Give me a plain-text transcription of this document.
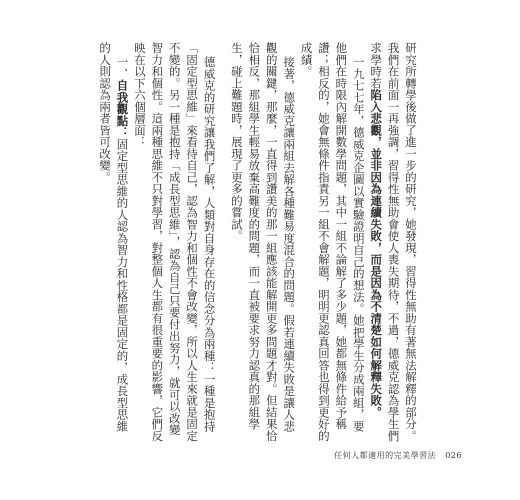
研究所轉學後做了進一步的研究，她發現，習得性無助有著無法解釋的部分。我們在前面一再強調，習得性無助會使人喪失期待，不過，德威克認為學生們求學時若陷入悲觀，並非因為連續失敗，而是因為不清楚如何解釋失敗。

一九七七年，德威克企圖以實驗證明自己的想法。她把學生分成兩組，要他們在時限內解開數學問題，其中一組不論解了多少題，她都無條件給予稱讚；相反的，她會無條件指責另一組不會解題，明明更認真回答也得到更好的成績。

接著，德威克讓兩組去解各種難易度混合的問題。假若連續失敗是讓人悲觀的關鍵，那麼，一直得到讚美的那一組應該能解開更多問題才對。但結果恰恰相反，那組學生輕易放棄高難度的問題，而一直被要求努力認真的那組學生，碰上難題時，展現了更多的嘗試。

德威克的研究讓我們了解，人類對自身存在的信念分為兩種：一種是抱持「固定型思維」來看待自己，認為智力和個性不會改變，所以人生來就是固定不變的。另一種是抱持「成長型思維」，認為自己只要付出努力，就可以改變智力和個性。這兩種思維不只對學習，對整個人生都有很重要的影響，它們反映在以下六個層面：

一、自我觀點：固定型思維的人認為智力和性格都是固定的，成長型思維的人則認為兩者皆可改變。

任何人都適用的完美學習法 026
